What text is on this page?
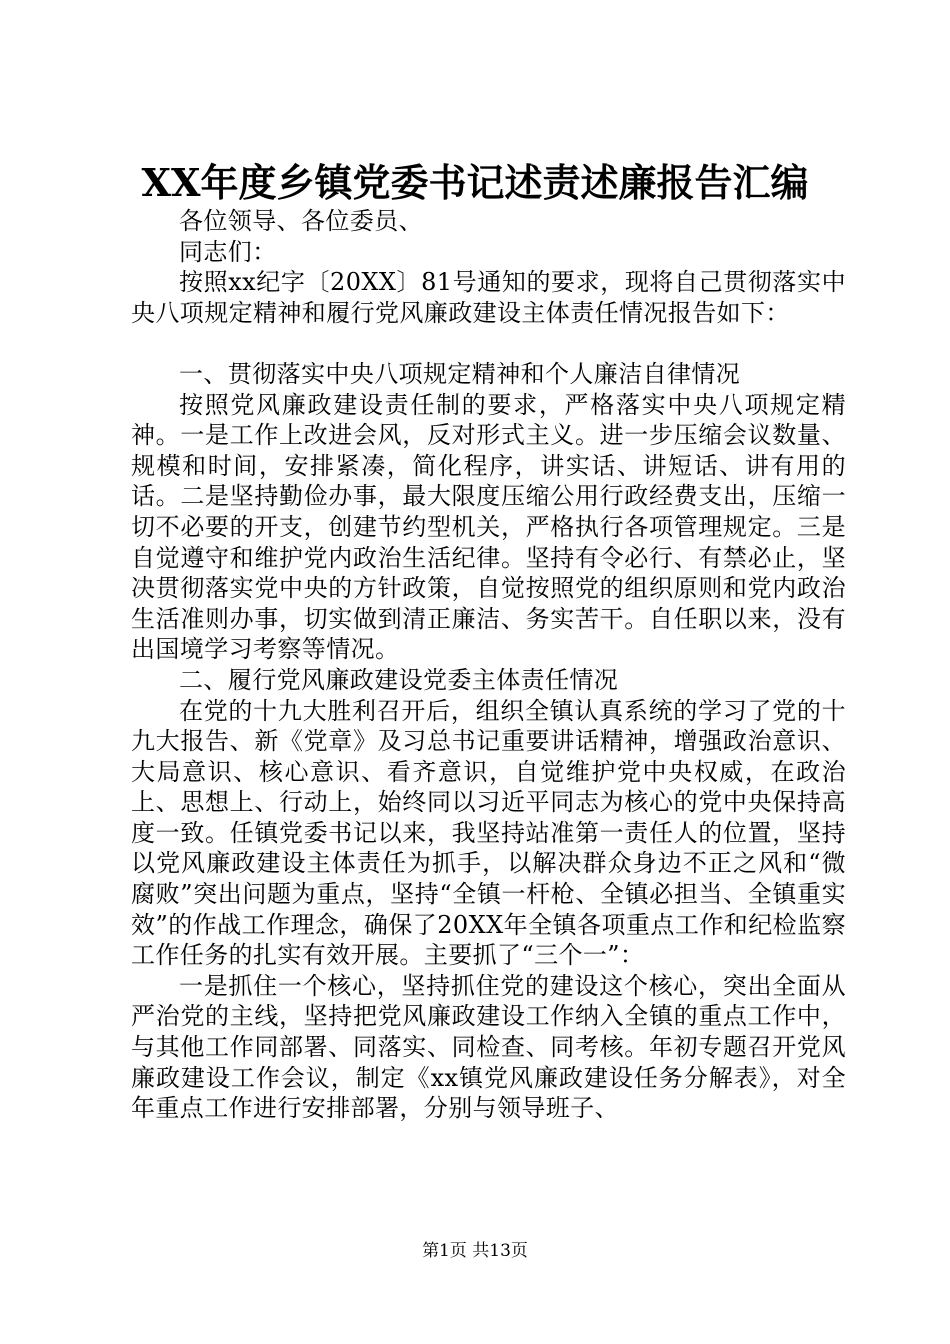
XX年度乡镇党委书记述责述廉报告汇编

各位领导、各位委员、

同志们：

按照xx纪字〔20XX〕81号通知的要求，现将自己贯彻落实中央八项规定精神和履行党风廉政建设主体责任情况报告如下：

一、贯彻落实中央八项规定精神和个人廉洁自律情况

按照党风廉政建设责任制的要求，严格落实中央八项规定精神。一是工作上改进会风，反对形式主义。进一步压缩会议数量、规模和时间，安排紧凑，简化程序，讲实话、讲短话、讲有用的话。二是坚持勤俭办事，最大限度压缩公用行政经费支出，压缩一切不必要的开支，创建节约型机关，严格执行各项管理规定。三是自觉遵守和维护党内政治生活纪律。坚持有令必行、有禁必止，坚决贯彻落实党中央的方针政策，自觉按照党的组织原则和党内政治生活准则办事，切实做到清正廉洁、务实苦干。自任职以来，没有出国境学习考察等情况。

二、履行党风廉政建设党委主体责任情况

在党的十九大胜利召开后，组织全镇认真系统的学习了党的十九大报告、新《党章》及习总书记重要讲话精神，增强政治意识、大局意识、核心意识、看齐意识，自觉维护党中央权威，在政治上、思想上、行动上，始终同以习近平同志为核心的党中央保持高度一致。任镇党委书记以来，我坚持站准第一责任人的位置，坚持以党风廉政建设主体责任为抓手，以解决群众身边不正之风和“微腐败”突出问题为重点，坚持“全镇一杆枪、全镇必担当、全镇重实效”的作战工作理念，确保了20XX年全镇各项重点工作和纪检监察工作任务的扎实有效开展。主要抓了“三个一”：

一是抓住一个核心，坚持抓住党的建设这个核心，突出全面从严治党的主线，坚持把党风廉政建设工作纳入全镇的重点工作中，与其他工作同部署、同落实、同检查、同考核。年初专题召开党风廉政建设工作会议，制定《xx镇党风廉政建设任务分解表》，对全年重点工作进行安排部署，分别与领导班子、

第1页 共13页
